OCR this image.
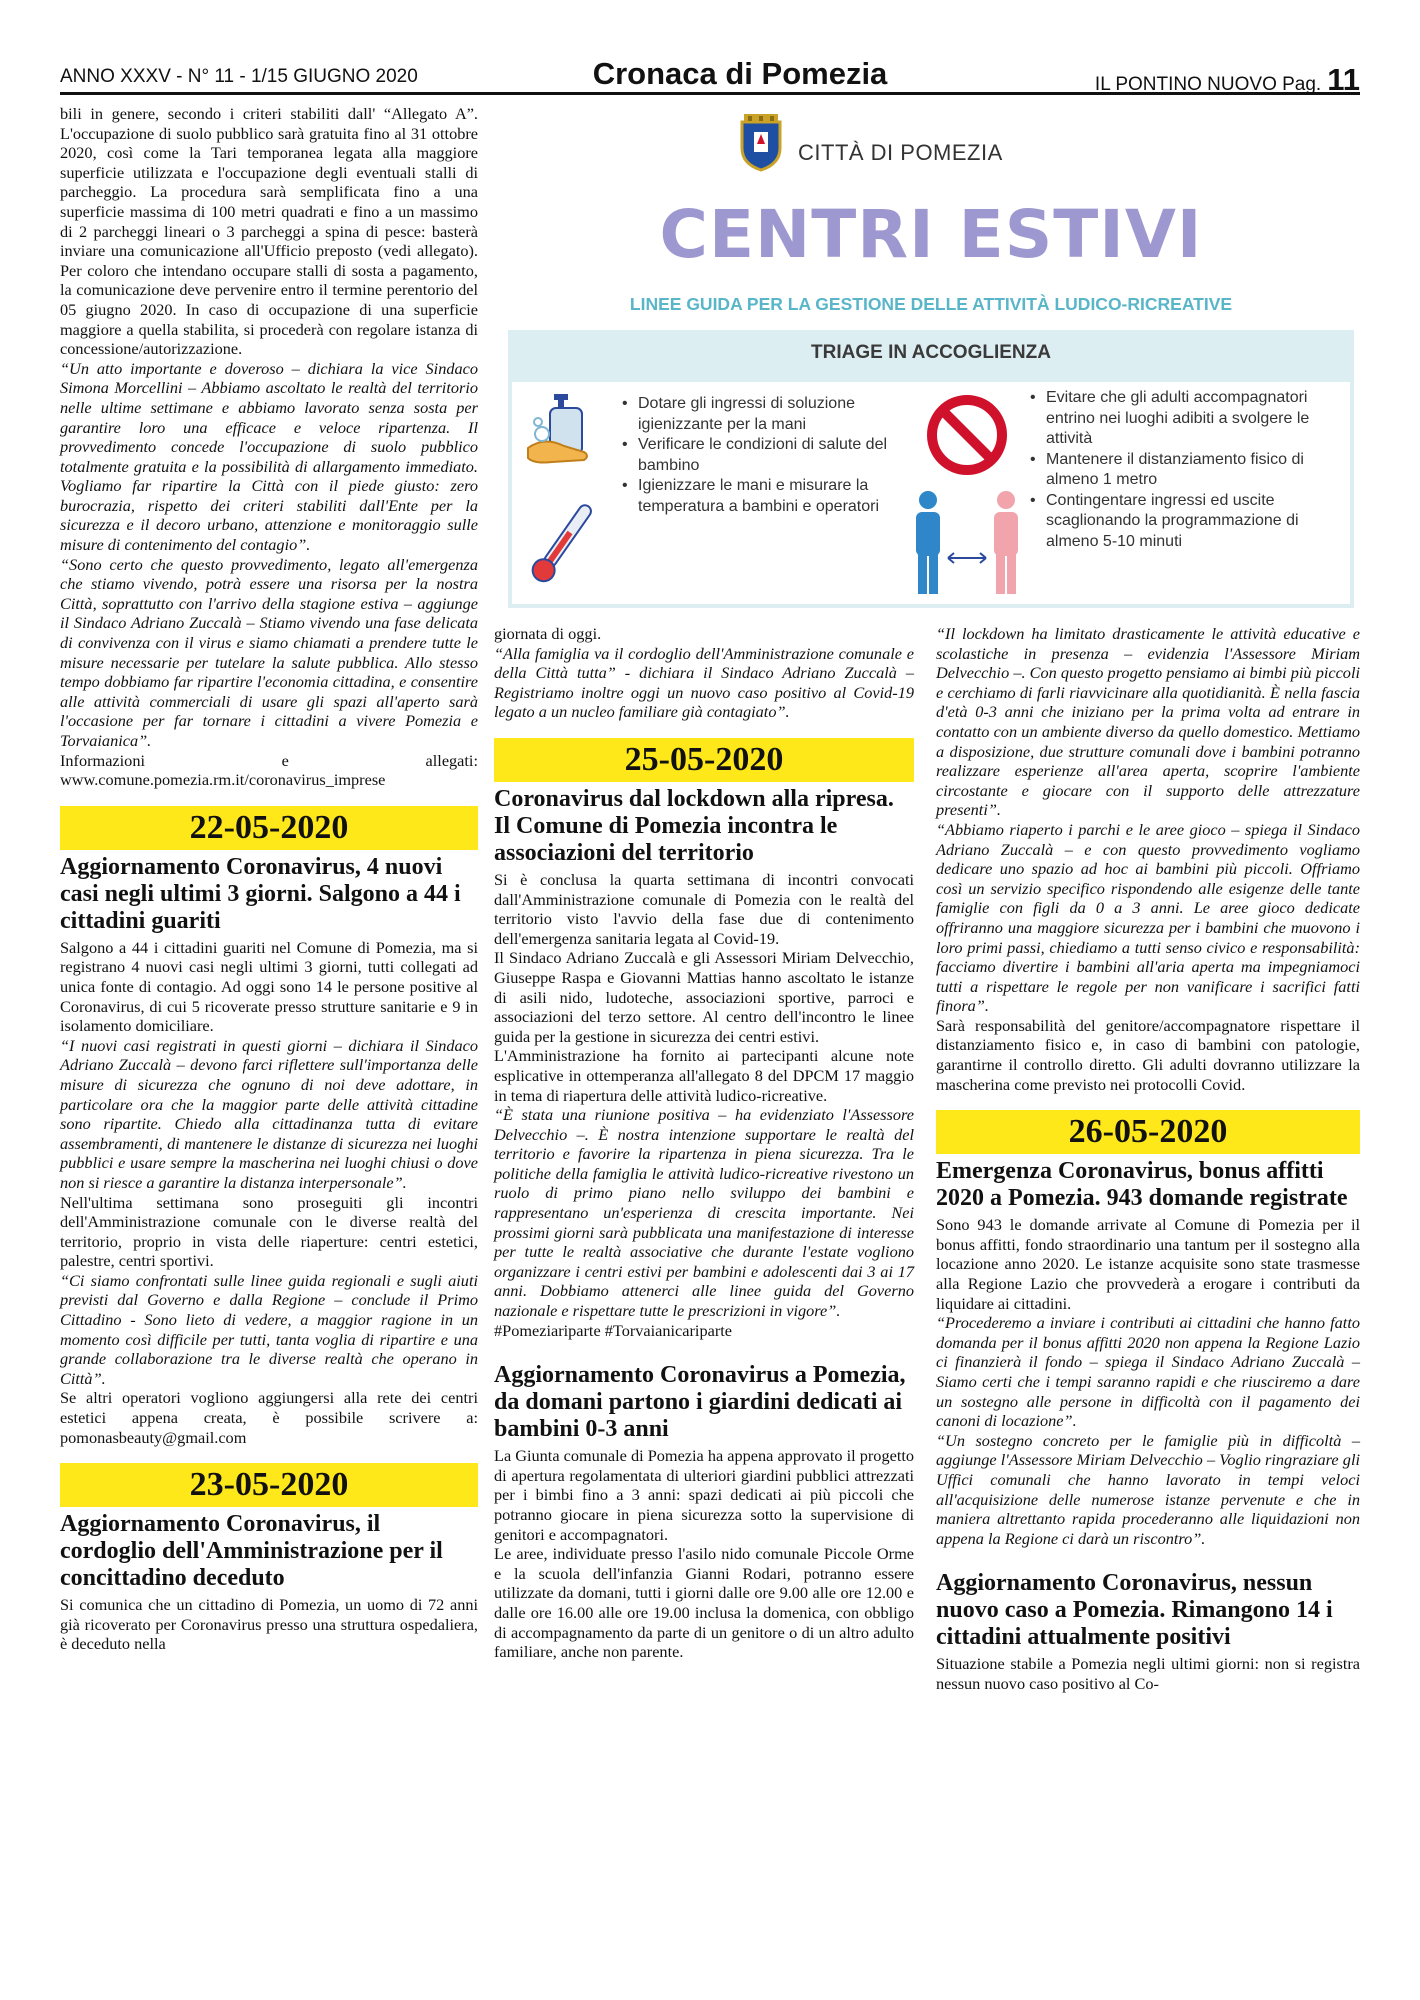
ANNO XXXV - N° 11 - 1/15 GIUGNO 2020	Cronaca di Pomezia	IL PONTINO NUOVO Pag. 11

bili in genere, secondo i criteri stabiliti dall' “Allegato A”. L'occupazione di suolo pubblico sarà gratuita fino al 31 ottobre 2020, così come la Tari temporanea legata alla maggiore superficie utilizzata e l'occupazione degli eventuali stalli di parcheggio. La procedura sarà semplificata fino a una superficie massima di 100 metri quadrati e fino a un massimo di 2 parcheggi lineari o 3 parcheggi a spina di pesce: basterà inviare una comunicazione all'Ufficio preposto (vedi allegato). Per coloro che intendano occupare stalli di sosta a pagamento, la comunicazione deve pervenire entro il termine perentorio del 05 giugno 2020. In caso di occupazione di una superficie maggiore a quella stabilita, si procederà con regolare istanza di concessione/autorizzazione.

“Un atto importante e doveroso – dichiara la vice Sindaco Simona Morcellini – Abbiamo ascoltato le realtà del territorio nelle ultime settimane e abbiamo lavorato senza sosta per garantire loro una efficace e veloce ripartenza. Il provvedimento concede l'occupazione di suolo pubblico totalmente gratuita e la possibilità di allargamento immediato. Vogliamo far ripartire la Città con il piede giusto: zero burocrazia, rispetto dei criteri stabiliti dall'Ente per la sicurezza e il decoro urbano, attenzione e monitoraggio sulle misure di contenimento del contagio”.

“Sono certo che questo provvedimento, legato all'emergenza che stiamo vivendo, potrà essere una risorsa per la nostra Città, soprattutto con l'arrivo della stagione estiva – aggiunge il Sindaco Adriano Zuccalà – Stiamo vivendo una fase delicata di convivenza con il virus e siamo chiamati a prendere tutte le misure necessarie per tutelare la salute pubblica. Allo stesso tempo dobbiamo far ripartire l'economia cittadina, e consentire alle attività commerciali di usare gli spazi all'aperto sarà l'occasione per far tornare i cittadini a vivere Pomezia e Torvaianica”.

Informazioni	e	allegati:

www.comune.pomezia.rm.it/coronavirus_imprese

22-05-2020
Aggiornamento Coronavirus, 4 nuovi casi negli ultimi 3 giorni. Salgono a 44 i cittadini guariti

Salgono a 44 i cittadini guariti nel Comune di Pomezia, ma si registrano 4 nuovi casi negli ultimi 3 giorni, tutti collegati ad unica fonte di contagio. Ad oggi sono 14 le persone positive al Coronavirus, di cui 5 ricoverate presso strutture sanitarie e 9 in isolamento domiciliare.

“I nuovi casi registrati in questi giorni – dichiara il Sindaco Adriano Zuccalà – devono farci riflettere sull'importanza delle misure di sicurezza che ognuno di noi deve adottare, in particolare ora che la maggior parte delle attività cittadine sono ripartite. Chiedo alla cittadinanza tutta di evitare assembramenti, di mantenere le distanze di sicurezza nei luoghi pubblici e usare sempre la mascherina nei luoghi chiusi o dove non si riesce a garantire la distanza interpersonale”.

Nell'ultima settimana sono proseguiti gli incontri dell'Amministrazione comunale con le diverse realtà del territorio, proprio in vista delle riaperture: centri estetici, palestre, centri sportivi.

“Ci siamo confrontati sulle linee guida regionali e sugli aiuti previsti dal Governo e dalla Regione – conclude il Primo Cittadino - Sono lieto di vedere, a maggior ragione in un momento così difficile per tutti, tanta voglia di ripartire e una grande collaborazione tra le diverse realtà che operano in Città”.

Se altri operatori vogliono aggiungersi alla rete dei centri estetici appena creata, è possibile scrivere a: pomonasbeauty@gmail.com

23-05-2020
Aggiornamento Coronavirus, il cordoglio dell'Amministrazione per il concittadino deceduto

Si comunica che un cittadino di Pomezia, un uomo di 72 anni già ricoverato per Coronavirus presso una struttura ospedaliera, è deceduto nella

CITTÀ DI POMEZIA
CENTRI ESTIVI
LINEE GUIDA PER LA GESTIONE DELLE ATTIVITÀ LUDICO-RICREATIVE
TRIAGE IN ACCOGLIENZA
• Dotare gli ingressi di soluzione igienizzante per la mani
• Verificare le condizioni di salute del bambino
• Igienizzare le mani e misurare la temperatura a bambini e operatori
• Evitare che gli adulti accompagnatori entrino nei luoghi adibiti a svolgere le attività
• Mantenere il distanziamento fisico di almeno 1 metro
• Contingentare ingressi ed uscite scaglionando la programmazione di almeno 5-10 minuti

giornata di oggi.

“Alla famiglia va il cordoglio dell'Amministrazione comunale e della Città tutta” - dichiara il Sindaco Adriano Zuccalà – Registriamo inoltre oggi un nuovo caso positivo al Covid-19 legato a un nucleo familiare già contagiato”.

25-05-2020
Coronavirus dal lockdown alla ripresa. Il Comune di Pomezia incontra le associazioni del territorio

Si è conclusa la quarta settimana di incontri convocati dall'Amministrazione comunale di Pomezia con le realtà del territorio visto l'avvio della fase due di contenimento dell'emergenza sanitaria legata al Covid-19.

Il Sindaco Adriano Zuccalà e gli Assessori Miriam Delvecchio, Giuseppe Raspa e Giovanni Mattias hanno ascoltato le istanze di asili nido, ludoteche, associazioni sportive, parroci e associazioni del terzo settore. Al centro dell'incontro le linee guida per la gestione in sicurezza dei centri estivi.

L'Amministrazione ha fornito ai partecipanti alcune note esplicative in ottemperanza all'allegato 8 del DPCM 17 maggio in tema di riapertura delle attività ludico-ricreative.

“È stata una riunione positiva – ha evidenziato l'Assessore Delvecchio –. È nostra intenzione supportare le realtà del territorio e favorire la ripartenza in piena sicurezza. Tra le politiche della famiglia le attività ludico-ricreative rivestono un ruolo di primo piano nello sviluppo dei bambini e rappresentano un'esperienza di crescita importante. Nei prossimi giorni sarà pubblicata una manifestazione di interesse per tutte le realtà associative che durante l'estate vogliono organizzare i centri estivi per bambini e adolescenti dai 3 ai 17 anni. Dobbiamo attenerci alle linee guida del Governo nazionale e rispettare tutte le prescrizioni in vigore”.

#Pomeziariparte #Torvaianicariparte

Aggiornamento Coronavirus a Pomezia, da domani partono i giardini dedicati ai bambini 0-3 anni

La Giunta comunale di Pomezia ha appena approvato il progetto di apertura regolamentata di ulteriori giardini pubblici attrezzati per i bimbi fino a 3 anni: spazi dedicati ai più piccoli che potranno giocare in piena sicurezza sotto la supervisione di genitori e accompagnatori.

Le aree, individuate presso l'asilo nido comunale Piccole Orme e la scuola dell'infanzia Gianni Rodari, potranno essere utilizzate da domani, tutti i giorni dalle ore 9.00 alle ore 12.00 e dalle ore 16.00 alle ore 19.00 inclusa la domenica, con obbligo di accompagnamento da parte di un genitore o di un altro adulto familiare, anche non parente.

“Il lockdown ha limitato drasticamente le attività educative e scolastiche in presenza – evidenzia l'Assessore Miriam Delvecchio –. Con questo progetto pensiamo ai bimbi più piccoli e cerchiamo di farli riavvicinare alla quotidianità. È nella fascia d'età 0-3 anni che iniziano per la prima volta ad entrare in contatto con un ambiente diverso da quello domestico. Mettiamo a disposizione, due strutture comunali dove i bambini potranno realizzare esperienze all'area aperta, scoprire l'ambiente circostante e giocare con il supporto delle attrezzature presenti”.

“Abbiamo riaperto i parchi e le aree gioco – spiega il Sindaco Adriano Zuccalà – e con questo provvedimento vogliamo dedicare uno spazio ad hoc ai bambini più piccoli. Offriamo così un servizio specifico rispondendo alle esigenze delle tante famiglie con figli da 0 a 3 anni. Le aree gioco dedicate offriranno una maggiore sicurezza per i bambini che muovono i loro primi passi, chiediamo a tutti senso civico e responsabilità: facciamo divertire i bambini all'aria aperta ma impegniamoci tutti a rispettare le regole per non vanificare i sacrifici fatti finora”.

Sarà responsabilità del genitore/accompagnatore rispettare il distanziamento fisico e, in caso di bambini con patologie, garantirne il controllo diretto. Gli adulti dovranno utilizzare la mascherina come previsto nei protocolli Covid.

26-05-2020
Emergenza Coronavirus, bonus affitti 2020 a Pomezia. 943 domande registrate

Sono 943 le domande arrivate al Comune di Pomezia per il bonus affitti, fondo straordinario una tantum per il sostegno alla locazione anno 2020. Le istanze acquisite sono state trasmesse alla Regione Lazio che provvederà a erogare i contributi da liquidare ai cittadini.

“Procederemo a inviare i contributi ai cittadini che hanno fatto domanda per il bonus affitti 2020 non appena la Regione Lazio ci finanzierà il fondo – spiega il Sindaco Adriano Zuccalà – Siamo certi che i tempi saranno rapidi e che riusciremo a dare un sostegno alle persone in difficoltà con il pagamento dei canoni di locazione”.

“Un sostegno concreto per le famiglie più in difficoltà – aggiunge l'Assessore Miriam Delvecchio – Voglio ringraziare gli Uffici comunali che hanno lavorato in tempi veloci all'acquisizione delle numerose istanze pervenute e che in maniera altrettanto rapida procederanno alle liquidazioni non appena la Regione ci darà un riscontro”.

Aggiornamento Coronavirus, nessun nuovo caso a Pomezia. Rimangono 14 i cittadini attualmente positivi

Situazione stabile a Pomezia negli ultimi giorni: non si registra nessun nuovo caso positivo al Co-
